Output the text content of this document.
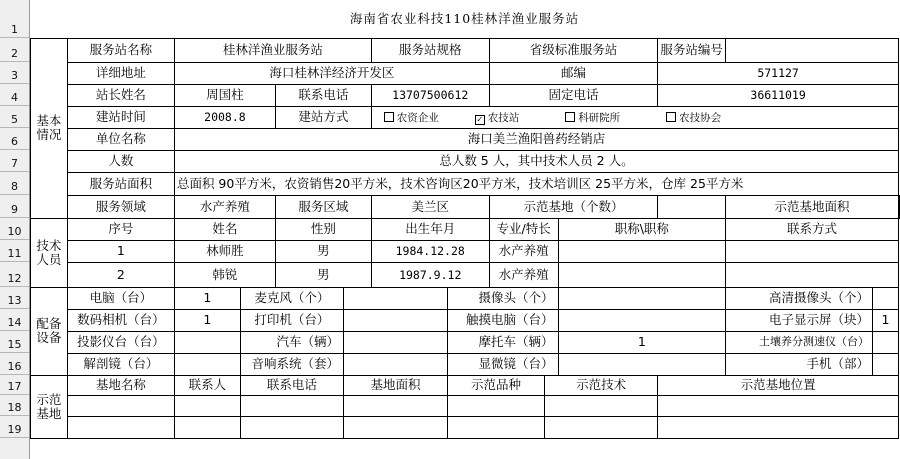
1
2
3
4
5
6
7
8
9
10
11
12
13
14
15
16
17
18
19
海南省农业科技110桂林洋渔业服务站														
基本情况	服务站名称	桂林洋渔业服务站				服务站规格		省级标准服务站			服务站编号			
	详细地址	海口桂林洋经济开发区						邮编			571127			
	站长姓名	周国柱		联系电话		13707500612		固定电话			36611019			
	建站时间	2008.8		建站方式		农资企业 ✓ 农技站 科研院所 农技协会								
	单位名称	海口美兰渔阳兽药经销店												
	人数	总人数 5 人，其中技术人员 2 人。												
	服务站面积	总面积 90平方米，农资销售20平方米，技术咨询区20平方米，技术培训区 25平方米，仓库 25平方米												
	服务领域	水产养殖		服务区域		美兰区		示范基地（个数）				示范基地面积		
技术人员	序号	姓名		性别		出生年月		专业/特长		职称\职称		联系方式		
	1	林师胜		男		1984.12.28		水产养殖						
	2	韩锐		男		1987.9.12		水产养殖						
配备设备	电脑（台）	1	麦克风（个）				摄像头（个）					高清摄像头（个）		
	数码相机（台）	1	打印机（台）				触摸电脑（台）					电子显示屏（块）	1	
	投影仪台（台）		汽车（辆）				摩托车（辆）			1		土壤养分测速仪（台）		
	解剖镜（台）		音响系统（套）				显微镜（台）					手机（部）		
示范基地	基地名称	联系人	联系电话		基地面积		示范品种		示范技术		示范基地位置			
